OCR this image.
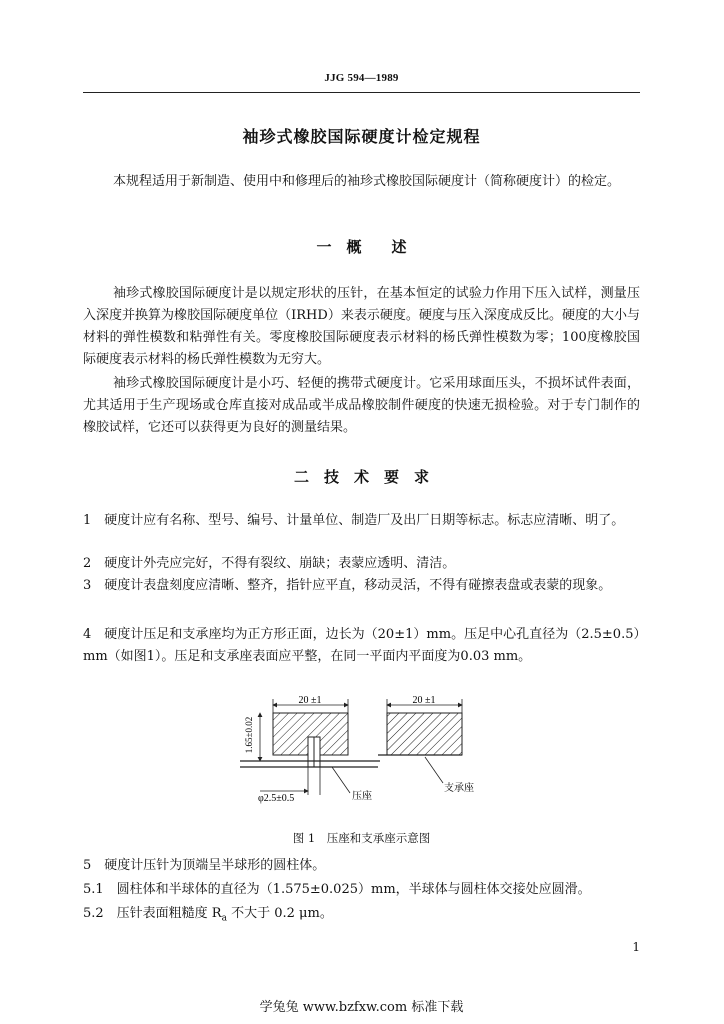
JJG 594—1989
袖珍式橡胶国际硬度计检定规程

本规程适用于新制造、使用中和修理后的袖珍式橡胶国际硬度计（简称硬度计）的检定。

一　概　　述

袖珍式橡胶国际硬度计是以规定形状的压针，在基本恒定的试验力作用下压入试样，测量压入深度并换算为橡胶国际硬度单位（IRHD）来表示硬度。硬度与压入深度成反比。硬度的大小与材料的弹性模数和粘弹性有关。零度橡胶国际硬度表示材料的杨氏弹性模数为零；100度橡胶国际硬度表示材料的杨氏弹性模数为无穷大。

袖珍式橡胶国际硬度计是小巧、轻便的携带式硬度计。它采用球面压头，不损坏试件表面，尤其适用于生产现场或仓库直接对成品或半成品橡胶制件硬度的快速无损检验。对于专门制作的橡胶试样，它还可以获得更为良好的测量结果。

二　技　术　要　求

1　硬度计应有名称、型号、编号、计量单位、制造厂及出厂日期等标志。标志应清晰、明了。

2　硬度计外壳应完好，不得有裂纹、崩缺；表蒙应透明、清洁。

3　硬度计表盘刻度应清晰、整齐，指针应平直，移动灵活，不得有碰擦表盘或表蒙的现象。

4　硬度计压足和支承座均为正方形正面，边长为（20±1）mm。压足中心孔直径为（2.5±0.5）mm（如图1）。压足和支承座表面应平整，在同一平面内平面度为0.03 mm。

20 ±1	20 ±1
1.65±0.02
φ2.5±0.5	压座
支承座
图 1　压座和支承座示意图

5　硬度计压针为顶端呈半球形的圆柱体。

5.1　圆柱体和半球体的直径为（1.575±0.025）mm，半球体与圆柱体交接处应圆滑。

5.2　压针表面粗糙度 $R_a$ 不大于 0.2 μm。

1
学兔兔 www.bzfxw.com 标准下载
